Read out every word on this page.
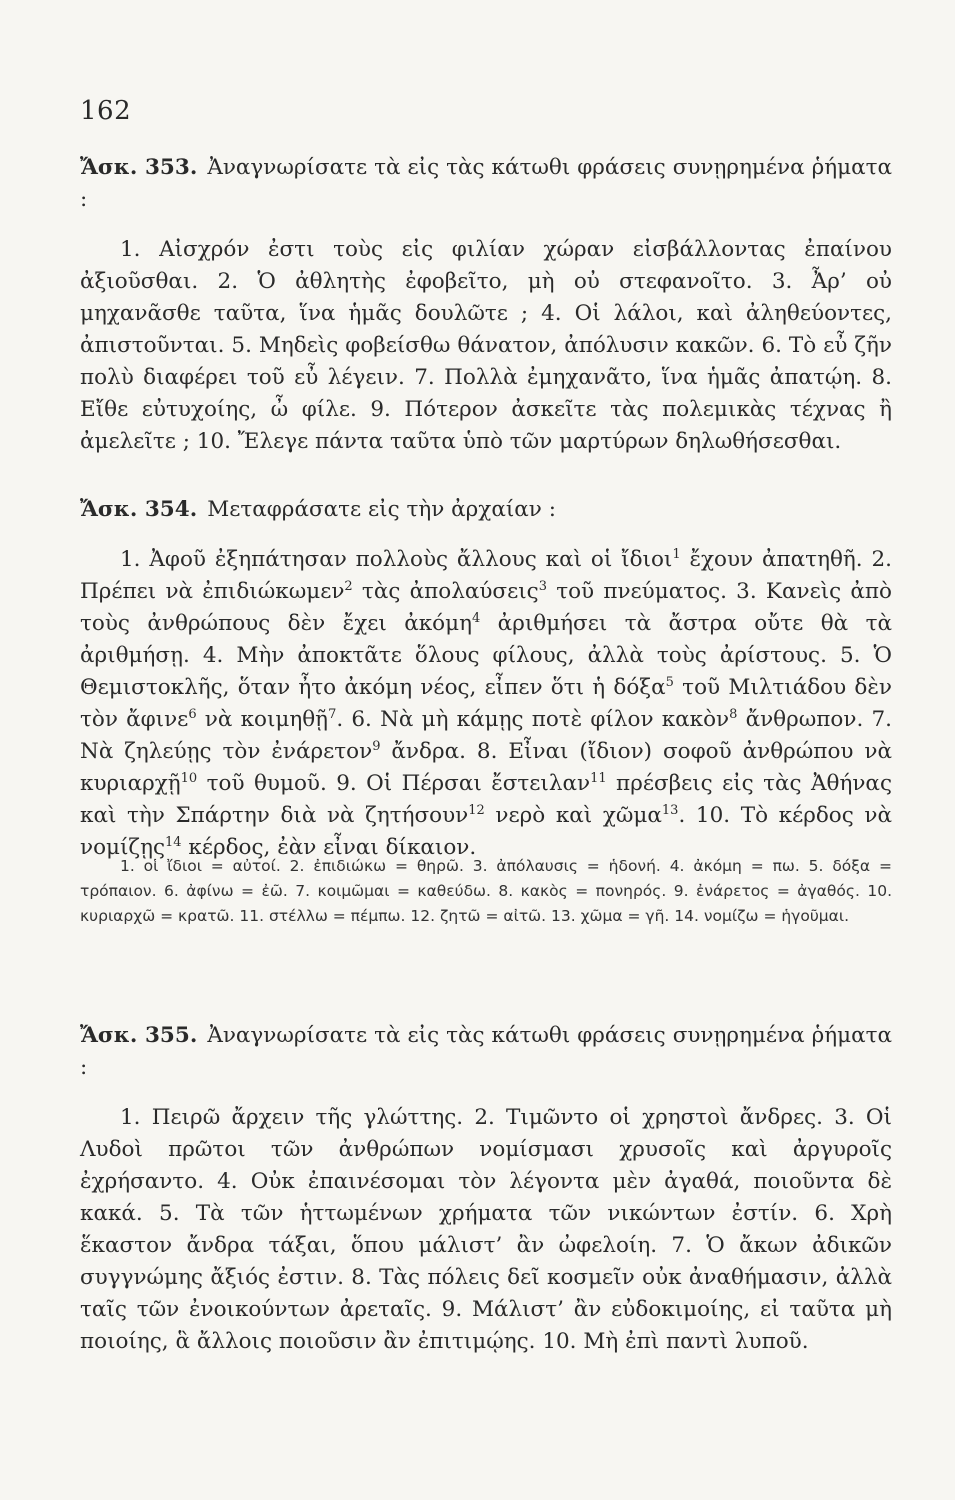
162

Ἄσκ. 353. Ἀναγνωρίσατε τὰ εἰς τὰς κάτωθι φράσεις συνῃρημένα ῥήματα :

1. Αἰσχρόν ἐστι τοὺς εἰς φιλίαν χώραν εἰσβάλλοντας ἐπαίνου ἀξιοῦσθαι. 2. Ὁ ἀθλητὴς ἐφοβεῖτο, μὴ οὐ στεφανοῖτο. 3. Ἆρ’ οὐ μηχανᾶσθε ταῦτα, ἵνα ἡμᾶς δουλῶτε ; 4. Οἱ λάλοι, καὶ ἀληθεύοντες, ἀπιστοῦνται. 5. Μηδεὶς φοβείσθω θάνατον, ἀπόλυσιν κακῶν. 6. Τὸ εὖ ζῆν πολὺ διαφέρει τοῦ εὖ λέγειν. 7. Πολλὰ ἐμηχανᾶτο, ἵνα ἡμᾶς ἀπατῴη. 8. Εἴθε εὐτυχοίης, ὦ φίλε. 9. Πότερον ἀσκεῖτε τὰς πολεμικὰς τέχνας ἢ ἀμελεῖτε ; 10. Ἔλεγε πάντα ταῦτα ὑπὸ τῶν μαρτύρων δηλωθήσεσθαι.

Ἄσκ. 354. Μεταφράσατε εἰς τὴν ἀρχαίαν :

1. Ἀφοῦ ἐξηπάτησαν πολλοὺς ἄλλους καὶ οἱ ἴδιοι$^1$ ἔχουν ἀπατηθῆ. 2. Πρέπει νὰ ἐπιδιώκωμεν$^2$ τὰς ἀπολαύσεις$^3$ τοῦ πνεύματος. 3. Κανεὶς ἀπὸ τοὺς ἀνθρώπους δὲν ἔχει ἀκόμη$^4$ ἀριθμήσει τὰ ἄστρα οὔτε θὰ τὰ ἀριθμήσῃ. 4. Μὴν ἀποκτᾶτε ὅλους φίλους, ἀλλὰ τοὺς ἀρίστους. 5. Ὁ Θεμιστοκλῆς, ὅταν ἦτο ἀκόμη νέος, εἶπεν ὅτι ἡ δόξα$^5$ τοῦ Μιλτιάδου δὲν τὸν ἄφινε$^6$ νὰ κοιμηθῇ$^7$. 6. Νὰ μὴ κάμῃς ποτὲ φίλον κακὸν$^8$ ἄνθρωπον. 7. Νὰ ζηλεύῃς τὸν ἐνάρετον$^9$ ἄνδρα. 8. Εἶναι (ἴδιον) σοφοῦ ἀνθρώπου νὰ κυριαρχῇ$^{10}$ τοῦ θυμοῦ. 9. Οἱ Πέρσαι ἔστειλαν$^{11}$ πρέσβεις εἰς τὰς Ἀθήνας καὶ τὴν Σπάρτην διὰ νὰ ζητήσουν$^{12}$ νερὸ καὶ χῶμα$^{13}$. 10. Τὸ κέρδος νὰ νομίζῃς$^{14}$ κέρδος, ἐὰν εἶναι δίκαιον.

1. οἱ ἴδιοι = αὐτοί. 2. ἐπιδιώκω = θηρῶ. 3. ἀπόλαυσις = ἡδονή. 4. ἀκόμη = πω. 5. δόξα = τρόπαιον. 6. ἀφίνω = ἐῶ. 7. κοιμῶμαι = καθεύδω. 8. κακὸς = πονηρός. 9. ἐνάρετος = ἀγαθός. 10. κυριαρχῶ = κρατῶ. 11. στέλλω = πέμπω. 12. ζητῶ = αἰτῶ. 13. χῶμα = γῆ. 14. νομίζω = ἡγοῦμαι.

Ἄσκ. 355. Ἀναγνωρίσατε τὰ εἰς τὰς κάτωθι φράσεις συνῃρημένα ῥήματα :

1. Πειρῶ ἄρχειν τῆς γλώττης. 2. Τιμῶντο οἱ χρηστοὶ ἄνδρες. 3. Οἱ Λυδοὶ πρῶτοι τῶν ἀνθρώπων νομίσμασι χρυσοῖς καὶ ἀργυροῖς ἐχρήσαντο. 4. Οὐκ ἐπαινέσομαι τὸν λέγοντα μὲν ἀγαθά, ποιοῦντα δὲ κακά. 5. Τὰ τῶν ἡττωμένων χρήματα τῶν νικώντων ἐστίν. 6. Χρὴ ἕκαστον ἄνδρα τάξαι, ὅπου μάλιστ’ ἂν ὠφελοίη. 7. Ὁ ἄκων ἀδικῶν συγγνώμης ἄξιός ἐστιν. 8. Τὰς πόλεις δεῖ κοσμεῖν οὐκ ἀναθήμασιν, ἀλλὰ ταῖς τῶν ἐνοικούντων ἀρεταῖς. 9. Μάλιστ’ ἂν εὐδοκιμοίης, εἰ ταῦτα μὴ ποιοίης, ἃ ἄλλοις ποιοῦσιν ἂν ἐπιτιμῴης. 10. Μὴ ἐπὶ παντὶ λυποῦ.
